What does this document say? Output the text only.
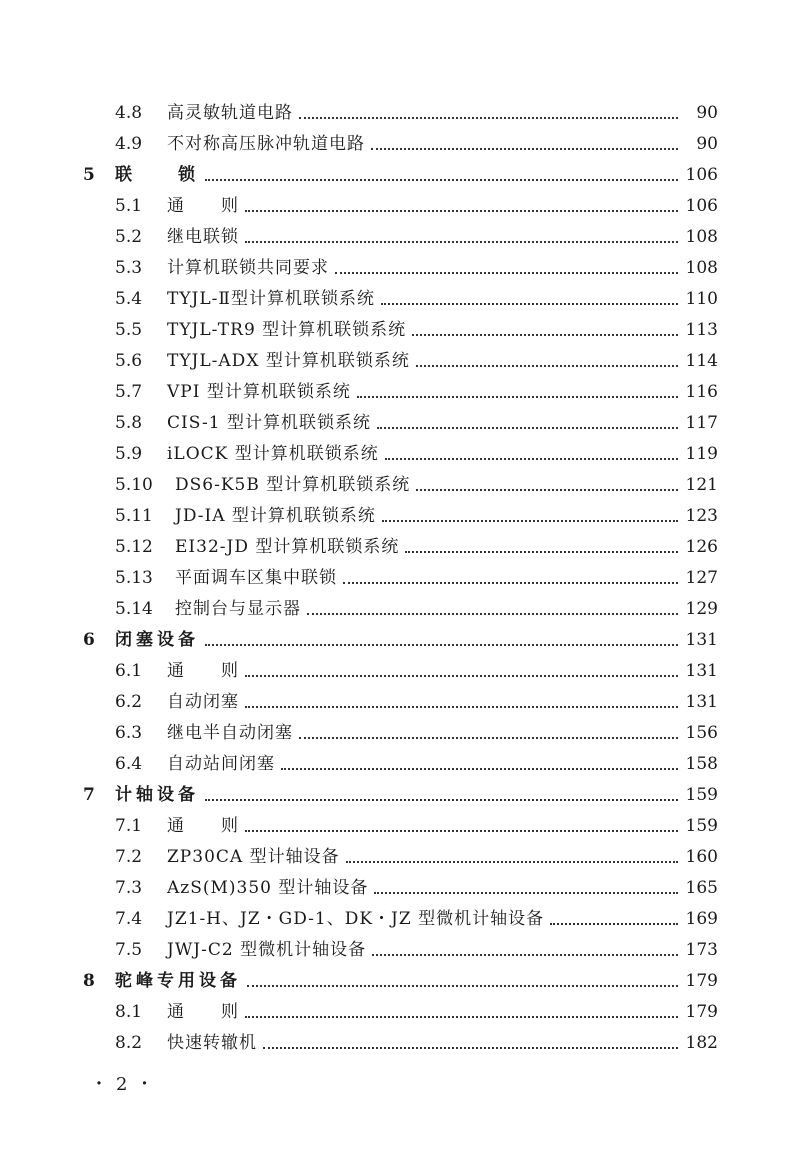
4.8 高灵敏轨道电路	90
4.9 不对称高压脉冲轨道电路	90
5 联　　锁	106
5.1 通　　则	106
5.2 继电联锁	108
5.3 计算机联锁共同要求	108
5.4 TYJL-Ⅱ型计算机联锁系统	110
5.5 TYJL-TR9 型计算机联锁系统	113
5.6 TYJL-ADX 型计算机联锁系统	114
5.7 VPI 型计算机联锁系统	116
5.8 CIS-1 型计算机联锁系统	117
5.9 iLOCK 型计算机联锁系统	119
5.10 DS6-K5B 型计算机联锁系统	121
5.11 JD-ⅠA 型计算机联锁系统	123
5.12 EI32-JD 型计算机联锁系统	126
5.13 平面调车区集中联锁	127
5.14 控制台与显示器	129
6 闭塞设备	131
6.1 通　　则	131
6.2 自动闭塞	131
6.3 继电半自动闭塞	156
6.4 自动站间闭塞	158
7 计轴设备	159
7.1 通　　则	159
7.2 ZP30CA 型计轴设备	160
7.3 AzS(M)350 型计轴设备	165
7.4 JZ1-H、JZ・GD-1、DK・JZ 型微机计轴设备	169
7.5 JWJ-C2 型微机计轴设备	173
8 驼峰专用设备	179
8.1 通　　则	179
8.2 快速转辙机	182
・2・
